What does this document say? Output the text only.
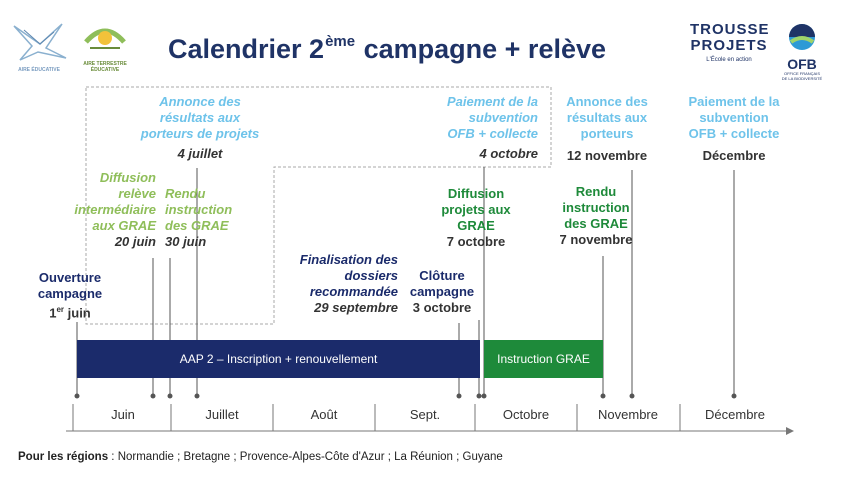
AIRE ÉDUCATIVE
AIRE TERRESTRE
ÉDUCATIVE
Calendrier 2ème campagne + relève
TROUSSE
PROJETS
L'École en action	OFB
OFFICE FRANÇAIS
DE LA BIODIVERSITÉ
AAP 2 – Inscription + renouvellement	Instruction GRAE
Ouverture
campagne
1er juin
Diffusion
relève
intermédiaire
aux GRAE
20 juin
Rendu
instruction
des GRAE
30 juin
Annonce des
résultats aux
porteurs de projets
4 juillet
Paiement de la
subvention
OFB + collecte
4 octobre
Finalisation des
dossiers
recommandée
29 septembre
Clôture
campagne
3 octobre
Diffusion
projets aux
GRAE
7 octobre
Rendu
instruction
des GRAE
7 novembre
Annonce des
résultats aux
porteurs
12 novembre
Paiement de la
subvention
OFB + collecte
Décembre
Juin	Juillet	Août	Sept.	Octobre	Novembre	Décembre
Pour les régions : Normandie ; Bretagne ; Provence-Alpes-Côte d'Azur ; La Réunion ; Guyane
